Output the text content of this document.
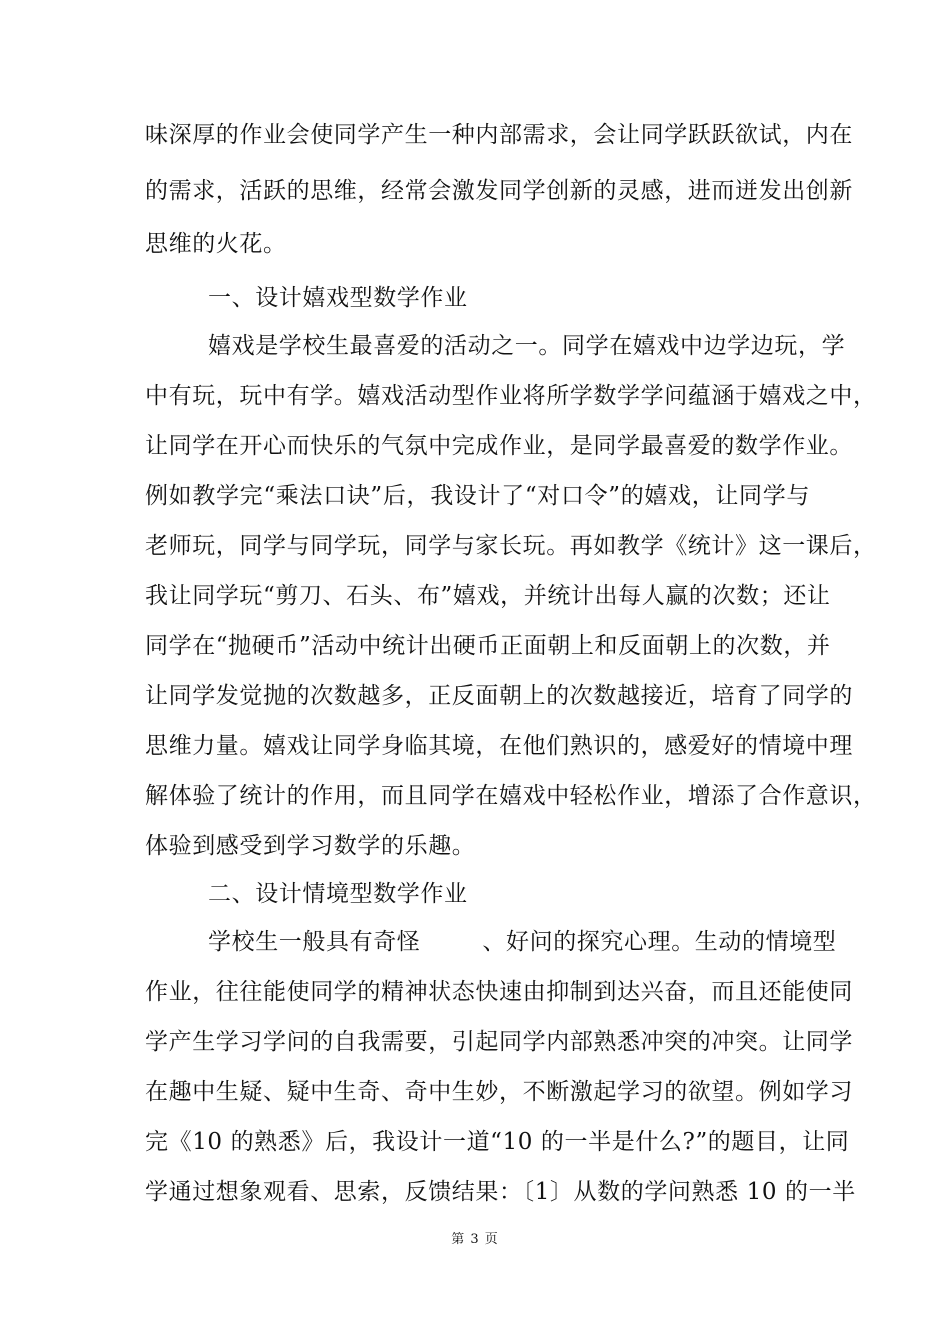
味深厚的作业会使同学产生一种内部需求，会让同学跃跃欲试，内在
的需求，活跃的思维，经常会激发同学创新的灵感，进而迸发出创新
思维的火花。
一、设计嬉戏型数学作业
嬉戏是学校生最喜爱的活动之一。同学在嬉戏中边学边玩，学
中有玩，玩中有学。嬉戏活动型作业将所学数学学问蕴涵于嬉戏之中，
让同学在开心而快乐的气氛中完成作业，是同学最喜爱的数学作业。
例如教学完“乘法口诀”后，我设计了“对口令”的嬉戏，让同学与
老师玩，同学与同学玩，同学与家长玩。再如教学《统计》这一课后，
我让同学玩“剪刀、石头、布”嬉戏，并统计出每人赢的次数；还让
同学在“抛硬币”活动中统计出硬币正面朝上和反面朝上的次数，并
让同学发觉抛的次数越多，正反面朝上的次数越接近，培育了同学的
思维力量。嬉戏让同学身临其境，在他们熟识的，感爱好的情境中理
解体验了统计的作用，而且同学在嬉戏中轻松作业，增添了合作意识，
体验到感受到学习数学的乐趣。
二、设计情境型数学作业
学校生一般具有奇怪	、好问的探究心理。生动的情境型
作业，往往能使同学的精神状态快速由抑制到达兴奋，而且还能使同
学产生学习学问的自我需要，引起同学内部熟悉冲突的冲突。让同学
在趣中生疑、疑中生奇、奇中生妙，不断激起学习的欲望。例如学习
完《10 的熟悉》后，我设计一道“10 的一半是什么?”的题目，让同
学通过想象观看、思索，反馈结果：〔1〕从数的学问熟悉 10 的一半
第 3 页
